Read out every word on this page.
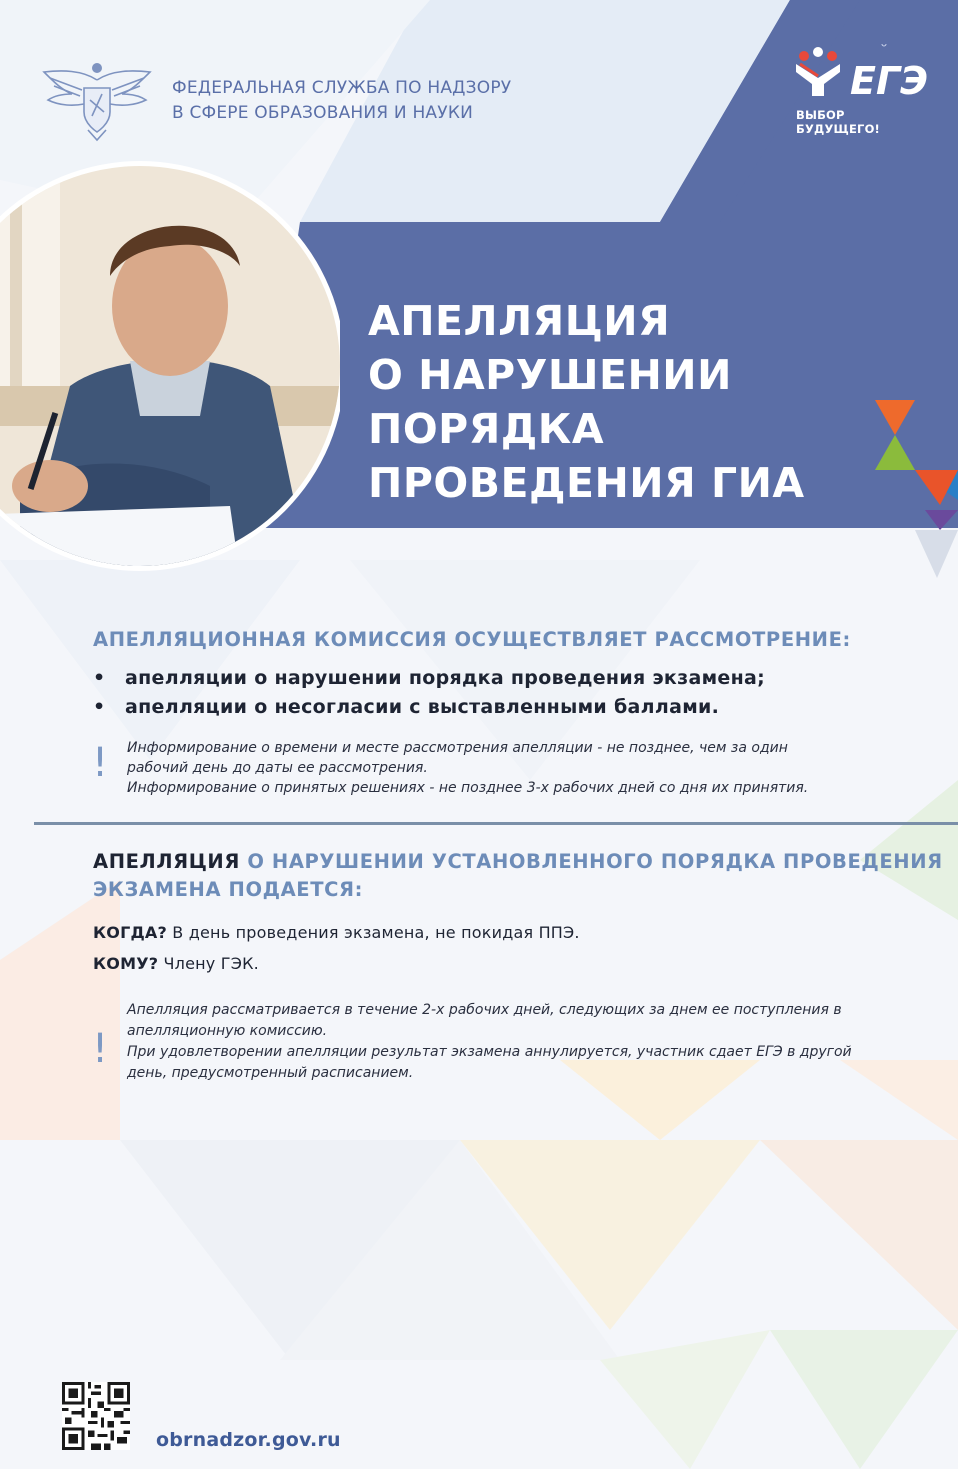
ФЕДЕРАЛЬНАЯ СЛУЖБА ПО НАДЗОРУ
В СФЕРЕ ОБРАЗОВАНИЯ И НАУКИ
ЕГЭ
ВЫБОР БУДУЩЕГО!
АПЕЛЛЯЦИЯ
О НАРУШЕНИИ
ПОРЯДКА
ПРОВЕДЕНИЯ ГИА
АПЕЛЛЯЦИОННАЯ КОМИССИЯ ОСУЩЕСТВЛЯЕТ РАССМОТРЕНИЕ:
• апелляции о нарушении порядка проведения экзамена;
• апелляции о несогласии с выставленными баллами.
! Информирование о времени и месте рассмотрения апелляции - не позднее, чем за один рабочий день до даты ее рассмотрения.

Информирование о принятых решениях - не позднее 3-х рабочих дней со дня их принятия.

АПЕЛЛЯЦИЯ О НАРУШЕНИИ УСТАНОВЛЕННОГО ПОРЯДКА ПРОВЕДЕНИЯ
ЭКЗАМЕНА ПОДАЕТСЯ:
КОГДА? В день проведения экзамена, не покидая ППЭ.
КОМУ? Члену ГЭК.
!

Апелляция рассматривается в течение 2-х рабочих дней, следующих за днем ее поступления в апелляционную комиссию.

При удовлетворении апелляции результат экзамена аннулируется, участник сдает ЕГЭ в другой день, предусмотренный расписанием.

obrnadzor.gov.ru
